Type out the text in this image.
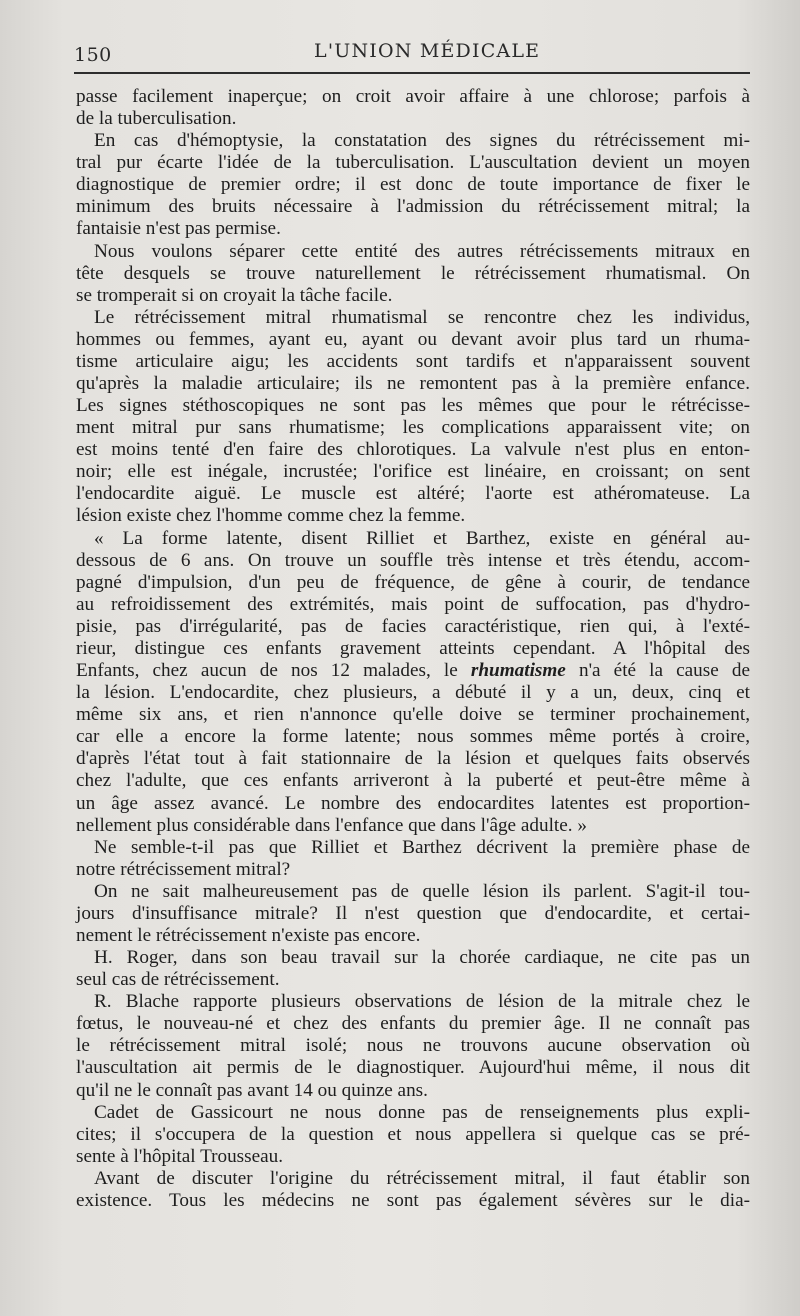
150	L'UNION MÉDICALE

passe facilement inaperçue; on croit avoir affaire à une chlorose; parfois à

de la tuberculisation.

En cas d'hémoptysie, la constatation des signes du rétrécissement mi-

tral pur écarte l'idée de la tuberculisation. L'auscultation devient un moyen

diagnostique de premier ordre; il est donc de toute importance de fixer le

minimum des bruits nécessaire à l'admission du rétrécissement mitral; la

fantaisie n'est pas permise.

Nous voulons séparer cette entité des autres rétrécissements mitraux en

tête desquels se trouve naturellement le rétrécissement rhumatismal. On

se tromperait si on croyait la tâche facile.

Le rétrécissement mitral rhumatismal se rencontre chez les individus,

hommes ou femmes, ayant eu, ayant ou devant avoir plus tard un rhuma-

tisme articulaire aigu; les accidents sont tardifs et n'apparaissent souvent

qu'après la maladie articulaire; ils ne remontent pas à la première enfance.

Les signes stéthoscopiques ne sont pas les mêmes que pour le rétrécisse-

ment mitral pur sans rhumatisme; les complications apparaissent vite; on

est moins tenté d'en faire des chlorotiques. La valvule n'est plus en enton-

noir; elle est inégale, incrustée; l'orifice est linéaire, en croissant; on sent

l'endocardite aiguë. Le muscle est altéré; l'aorte est athéromateuse. La

lésion existe chez l'homme comme chez la femme.

« La forme latente, disent Rilliet et Barthez, existe en général au-

dessous de 6 ans. On trouve un souffle très intense et très étendu, accom-

pagné d'impulsion, d'un peu de fréquence, de gêne à courir, de tendance

au refroidissement des extrémités, mais point de suffocation, pas d'hydro-

pisie, pas d'irrégularité, pas de facies caractéristique, rien qui, à l'exté-

rieur, distingue ces enfants gravement atteints cependant. A l'hôpital des

Enfants, chez aucun de nos 12 malades, le rhumatisme n'a été la cause de

la lésion. L'endocardite, chez plusieurs, a débuté il y a un, deux, cinq et

même six ans, et rien n'annonce qu'elle doive se terminer prochainement,

car elle a encore la forme latente; nous sommes même portés à croire,

d'après l'état tout à fait stationnaire de la lésion et quelques faits observés

chez l'adulte, que ces enfants arriveront à la puberté et peut-être même à

un âge assez avancé. Le nombre des endocardites latentes est proportion-

nellement plus considérable dans l'enfance que dans l'âge adulte. »

Ne semble-t-il pas que Rilliet et Barthez décrivent la première phase de

notre rétrécissement mitral?

On ne sait malheureusement pas de quelle lésion ils parlent. S'agit-il tou-

jours d'insuffisance mitrale? Il n'est question que d'endocardite, et certai-

nement le rétrécissement n'existe pas encore.

H. Roger, dans son beau travail sur la chorée cardiaque, ne cite pas un

seul cas de rétrécissement.

R. Blache rapporte plusieurs observations de lésion de la mitrale chez le

fœtus, le nouveau-né et chez des enfants du premier âge. Il ne connaît pas

le rétrécissement mitral isolé; nous ne trouvons aucune observation où

l'auscultation ait permis de le diagnostiquer. Aujourd'hui même, il nous dit

qu'il ne le connaît pas avant 14 ou quinze ans.

Cadet de Gassicourt ne nous donne pas de renseignements plus expli-

cites; il s'occupera de la question et nous appellera si quelque cas se pré-

sente à l'hôpital Trousseau.

Avant de discuter l'origine du rétrécissement mitral, il faut établir son

existence. Tous les médecins ne sont pas également sévères sur le dia-
